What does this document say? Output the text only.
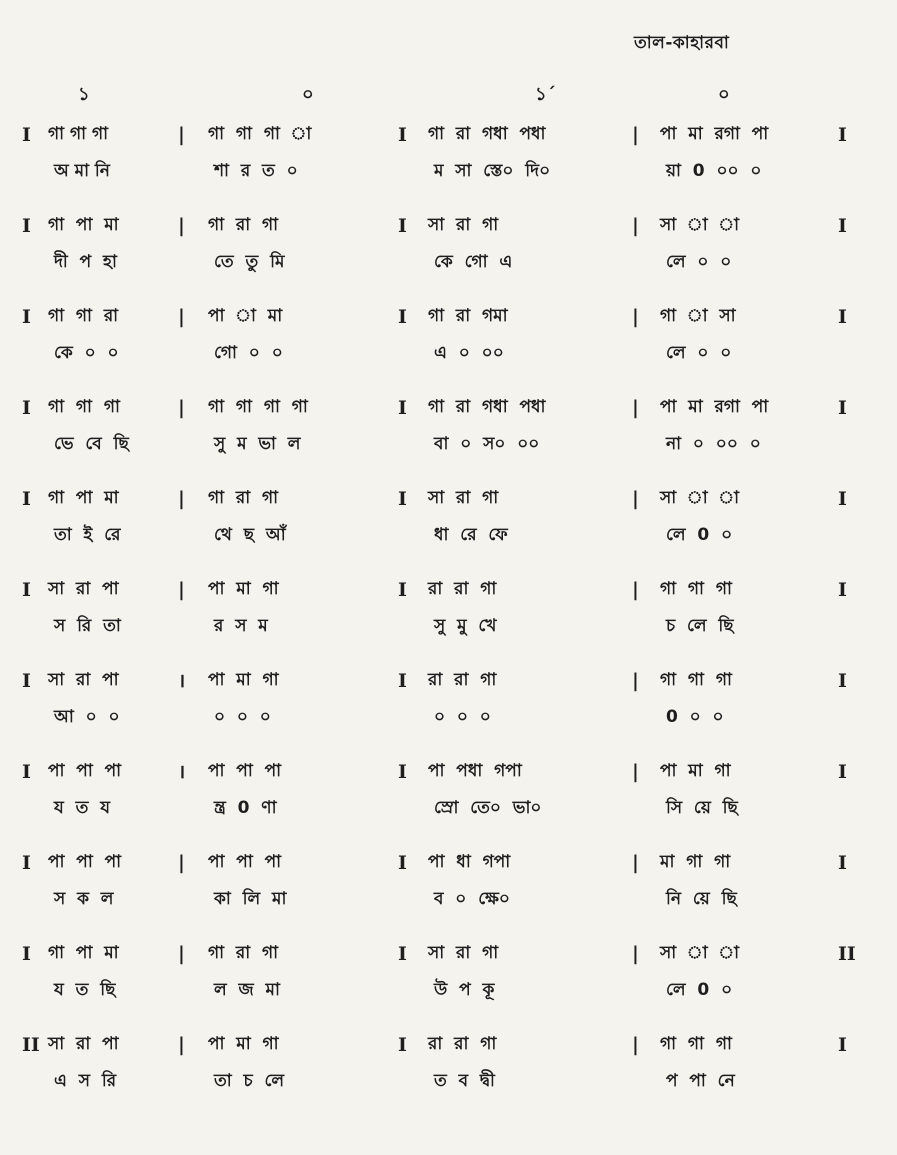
তাল-কাহারবা
১	০	১´	০
I	|	I	|	I
গা গা গা	গা  গা  গা  া	গা  রা  গধা  পধা	পা  মা  রগা  পা
অ মা নি	শা  র  ত  ০	ম  সা  স্তে০  দি০	য়া  0  ০০  ০
I	|	I	|	I
গা  পা  মা	গা  রা  গা	সা  রা  গা	সা  া  া
দী  প  হা	তে  তু  মি	কে  গো  এ	লে  ০  ০
I	|	I	|	I
গা  গা  রা	পা  া  মা	গা  রা  গমা	গা  া  সা
কে  ০  ০	গো  ০  ০	এ  ০  ০০	লে  ০  ০
I	|	I	|	I
গা  গা  গা	গা  গা  গা  গা	গা  রা  গধা  পধা	পা  মা  রগা  পা
ভে  বে  ছি	সু  ম  ভা  ল	বা  ০  স০  ০০	না  ০  ০০  ০
I	|	I	|	I
গা  পা  মা	গা  রা  গা	সা  রা  গা	সা  া  া
তা  ই  রে	থে  ছ  আঁ	ধা  রে  ফে	লে  0  ০
I	|	I	|	I
সা  রা  পা	পা  মা  গা	রা  রা  গা	গা  গা  গা
স  রি  তা	র  স  ম	সু  মু  খে	চ  লে  ছি
I	।	I	|	I
সা  রা  পা	পা  মা  গা	রা  রা  গা	গা  গা  গা
আ  ০  ০	০  ০  ০	০  ০  ০	0  ০  ০
I	।	I	|	I
পা  পা  পা	পা  পা  পা	পা  পধা  গপা	পা  মা  গা
য  ত  য	ন্ত্র  0  ণা	স্রো  তে০  ভা০	সি  য়ে  ছি
I	|	I	|	I
পা  পা  পা	পা  পা  পা	পা  ধা  গপা	মা  গা  গা
স  ক  ল	কা  লি  মা	ব  ০  ক্ষে০	নি  য়ে  ছি
I	|	I	|	II
গা  পা  মা	গা  রা  গা	সা  রা  গা	সা  া  া
য  ত  ছি	ল  জ  মা	উ  প  কূ	লে  0  ০
II	|	I	|	I
সা  রা  পা	পা  মা  গা	রা  রা  গা	গা  গা  গা
এ  স  রি	তা  চ  লে	ত  ব  দ্বী	প  পা  নে
